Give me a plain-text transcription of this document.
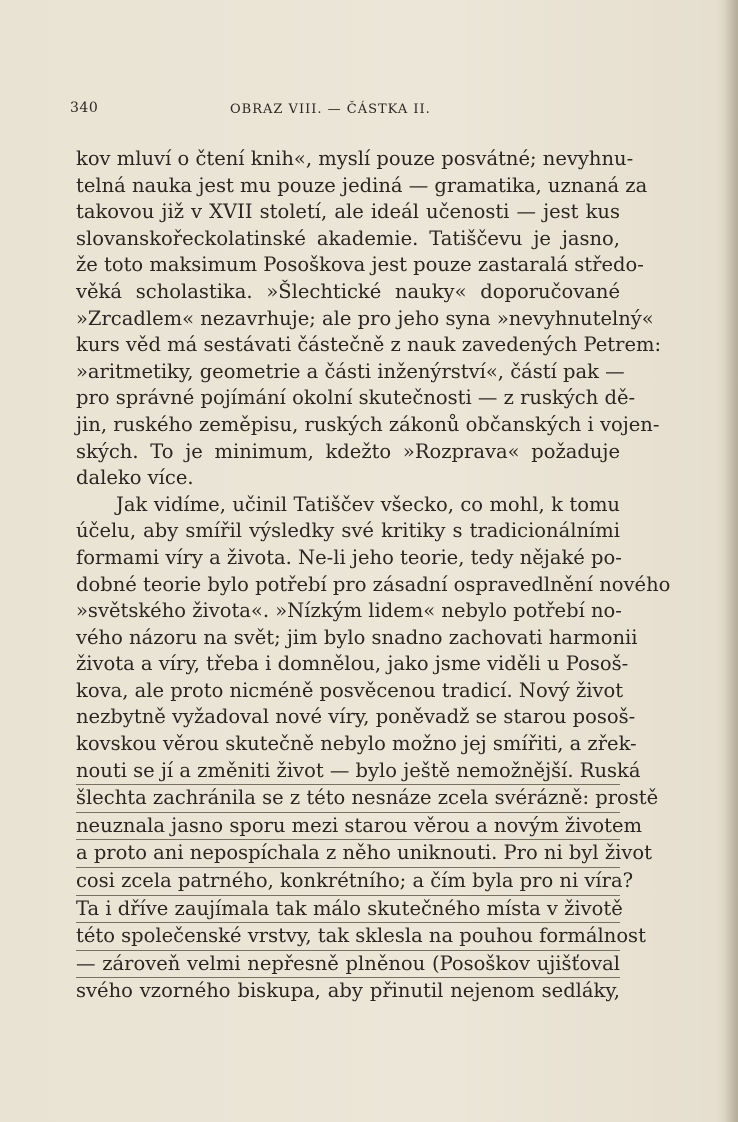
340	OBRAZ VIII. — ČÁSTKA II.
kov mluví o čtení knih«, myslí pouze posvátné; nevyhnu-
telná nauka jest mu pouze jediná — gramatika, uznaná za
takovou již v XVII století, ale ideál učenosti — jest kus
slovanskořeckolatinské akademie. Tatiščevu je jasno,
že toto maksimum Posoškova jest pouze zastaralá středo-
věká scholastika. »Šlechtické nauky« doporučované
»Zrcadlem« nezavrhuje; ale pro jeho syna »nevyhnutelný«
kurs věd má sestávati částečně z nauk zavedených Petrem:
»aritmetiky, geometrie a části inženýrství«, částí pak —
pro správné pojímání okolní skutečnosti — z ruských dě-
jin, ruského zeměpisu, ruských zákonů občanských i vojen-
ských. To je minimum, kdežto »Rozprava« požaduje
daleko více.
Jak vidíme, učinil Tatiščev všecko, co mohl, k tomu
účelu, aby smířil výsledky své kritiky s tradicionálními
formami víry a života. Ne-li jeho teorie, tedy nějaké po-
dobné teorie bylo potřebí pro zásadní ospravedlnění nového
»světského života«. »Nízkým lidem« nebylo potřebí no-
vého názoru na svět; jim bylo snadno zachovati harmonii
života a víry, třeba i domnělou, jako jsme viděli u Posoš-
kova, ale proto nicméně posvěcenou tradicí. Nový život
nezbytně vyžadoval nové víry, poněvadž se starou posoš-
kovskou věrou skutečně nebylo možno jej smířiti, a zřek-
nouti se jí a změniti život — bylo ještě nemožnější. Ruská
šlechta zachránila se z této nesnáze zcela svérázně: prostě
neuznala jasno sporu mezi starou věrou a novým životem
a proto ani nepospíchala z něho uniknouti. Pro ni byl život
cosi zcela patrného, konkrétního; a čím byla pro ni víra?
Ta i dříve zaujímala tak málo skutečného místa v životě
této společenské vrstvy, tak sklesla na pouhou formálnost
— zároveň velmi nepřesně plněnou (Posoškov ujišťoval
svého vzorného biskupa, aby přinutil nejenom sedláky,
